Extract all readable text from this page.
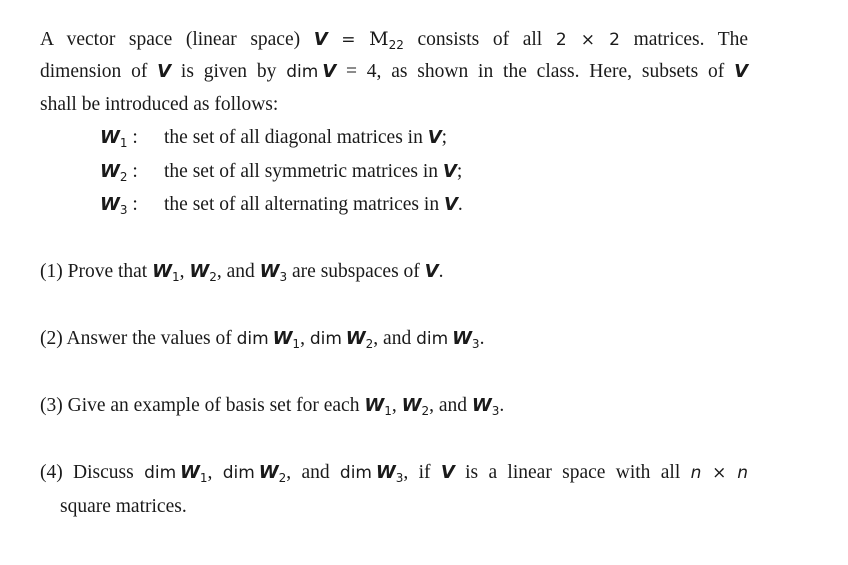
A vector space (linear space) $V = M_{22}$ consists of all 2 × 2 matrices. The
dimension of V is given by dim  V = 4, as shown in the class. Here, subsets of V
shall be introduced as follows:
$W_1$ :	the set of all diagonal matrices in V;
$W_2$ :	the set of all symmetric matrices in V;
$W_3$ :	the set of all alternating matrices in V.
(1) Prove that $W_1$, $W_2$, and $W_3$ are subspaces of V.
(2) Answer the values of dim  $W_1$, dim  $W_2$, and dim  $W_3$.
(3) Give an example of basis set for each $W_1$, $W_2$, and $W_3$.
(4) Discuss dim  $W_1$, dim  $W_2$, and dim  $W_3$, if V is a linear space with all n × n
square matrices.
